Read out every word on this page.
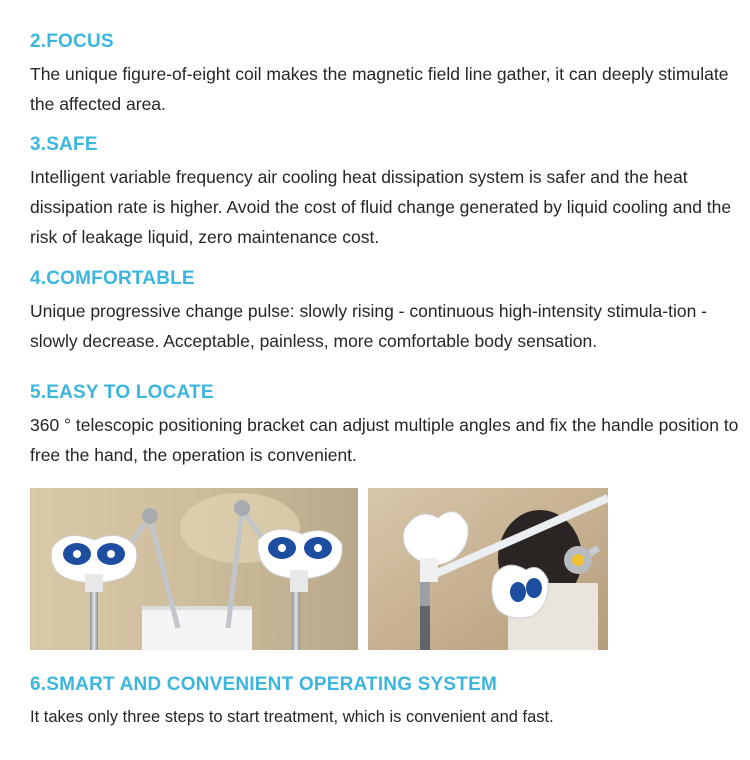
2.FOCUS

The unique figure-of-eight coil makes the magnetic field line gather, it can deeply stimulate the affected area.

3.SAFE

Intelligent variable frequency air cooling heat dissipation system is safer and the heat dissipation rate is higher. Avoid the cost of fluid change generated by liquid cooling and the risk of leakage liquid, zero maintenance cost.

4.COMFORTABLE

Unique progressive change pulse: slowly rising - continuous high-intensity stimula-tion - slowly decrease. Acceptable, painless, more comfortable body sensation.

5.EASY TO LOCATE

360 ° telescopic positioning bracket can adjust multiple angles and fix the handle position to free the hand, the operation is convenient.

6.SMART AND CONVENIENT OPERATING SYSTEM

It takes only three steps to start treatment, which is convenient and fast.
